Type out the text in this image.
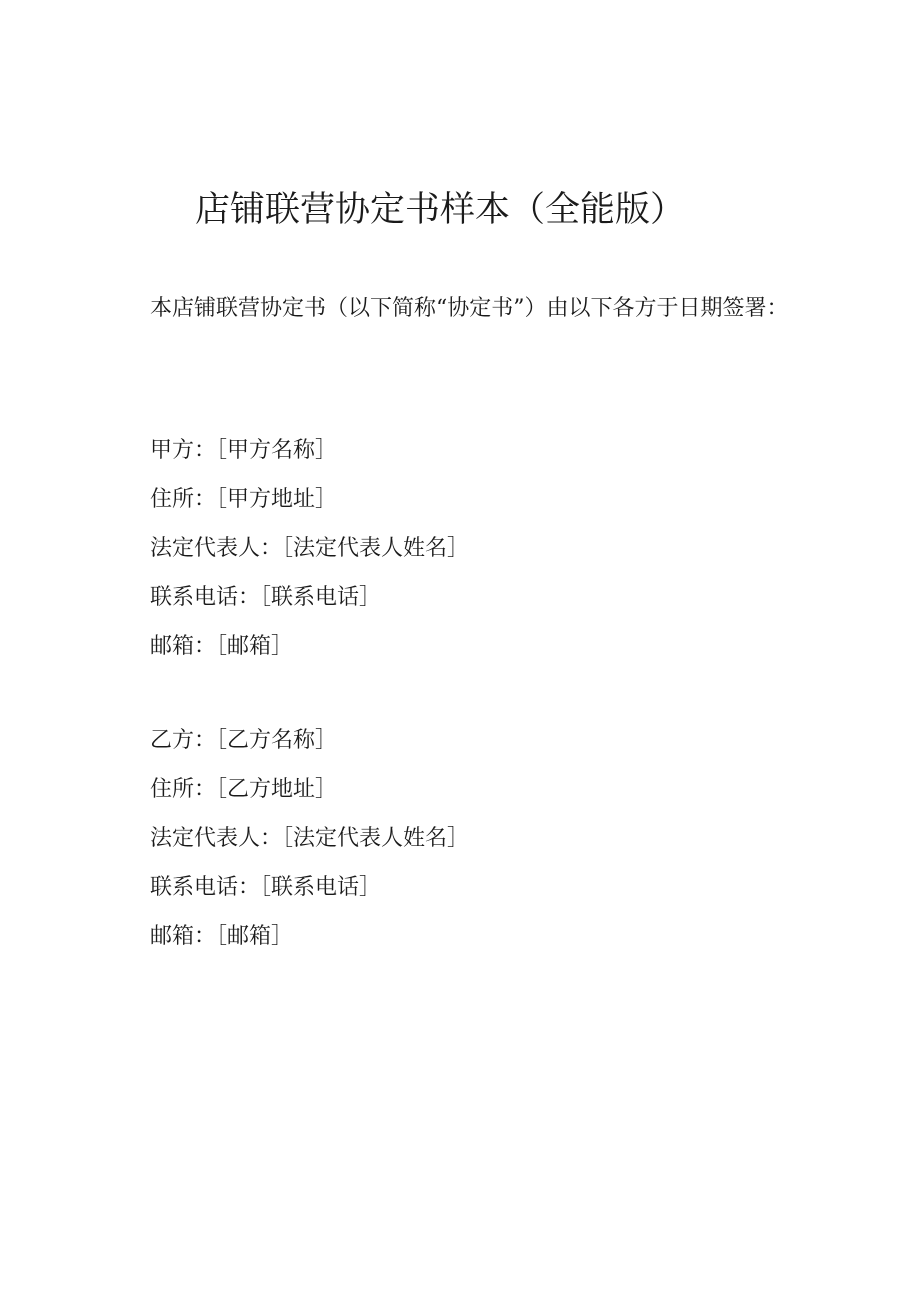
店铺联营协定书样本（全能版）

本店铺联营协定书（以下简称“协定书”）由以下各方于日期签署：

甲方：［甲方名称］
住所：［甲方地址］
法定代表人：［法定代表人姓名］
联系电话：［联系电话］
邮箱：［邮箱］
乙方：［乙方名称］
住所：［乙方地址］
法定代表人：［法定代表人姓名］
联系电话：［联系电话］
邮箱：［邮箱］
